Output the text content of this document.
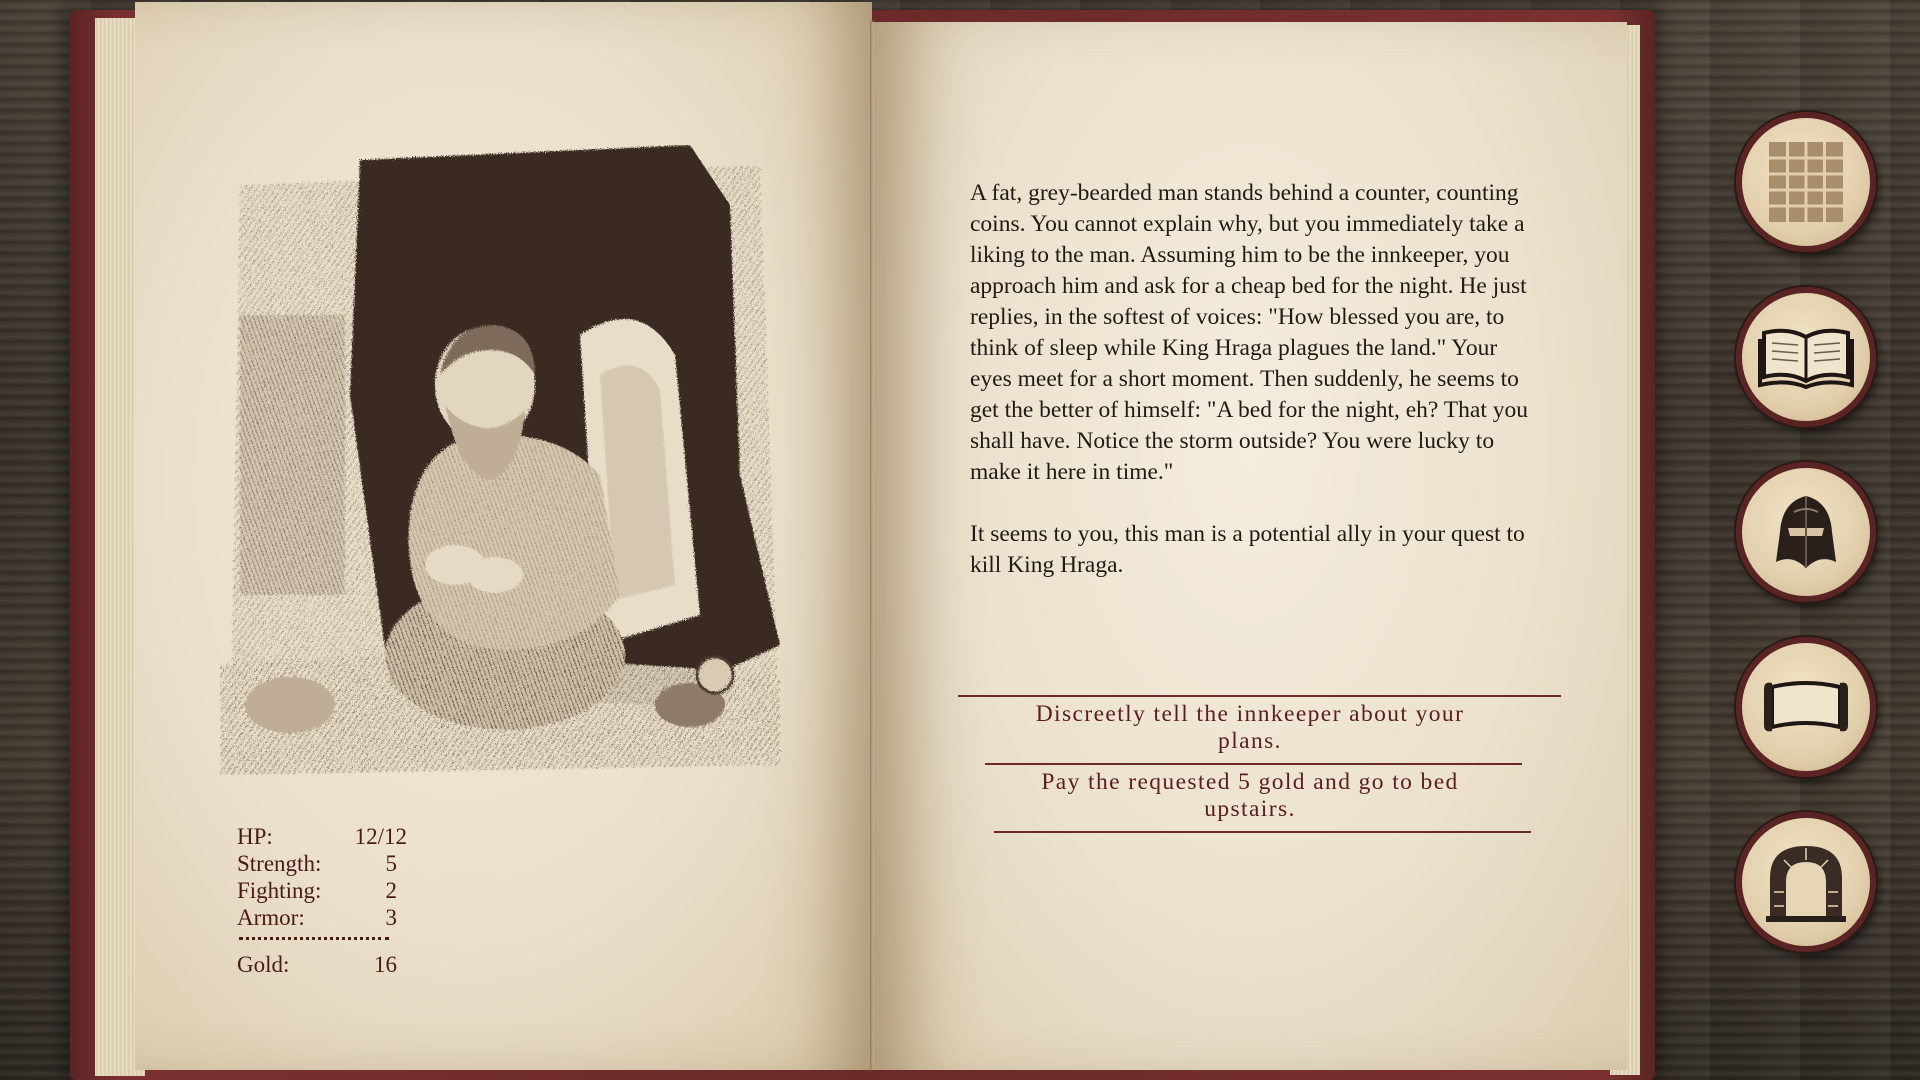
HP:	12/12
Strength:	5
Fighting:	2
Armor:	3
Gold:	16

A fat, grey-bearded man stands behind a counter, counting coins. You cannot explain why, but you immediately take a liking to the man. Assuming him to be the innkeeper, you approach him and ask for a cheap bed for the night. He just replies, in the softest of voices: "How blessed you are, to think of sleep while King Hraga plagues the land." Your eyes meet for a short moment. Then suddenly, he seems to get the better of himself: "A bed for the night, eh? That you shall have. Notice the storm outside? You were lucky to make it here in time."

It seems to you, this man is a potential ally in your quest to kill King Hraga.

Discreetly tell the innkeeper about your plans.
Pay the requested 5 gold and go to bed upstairs.
